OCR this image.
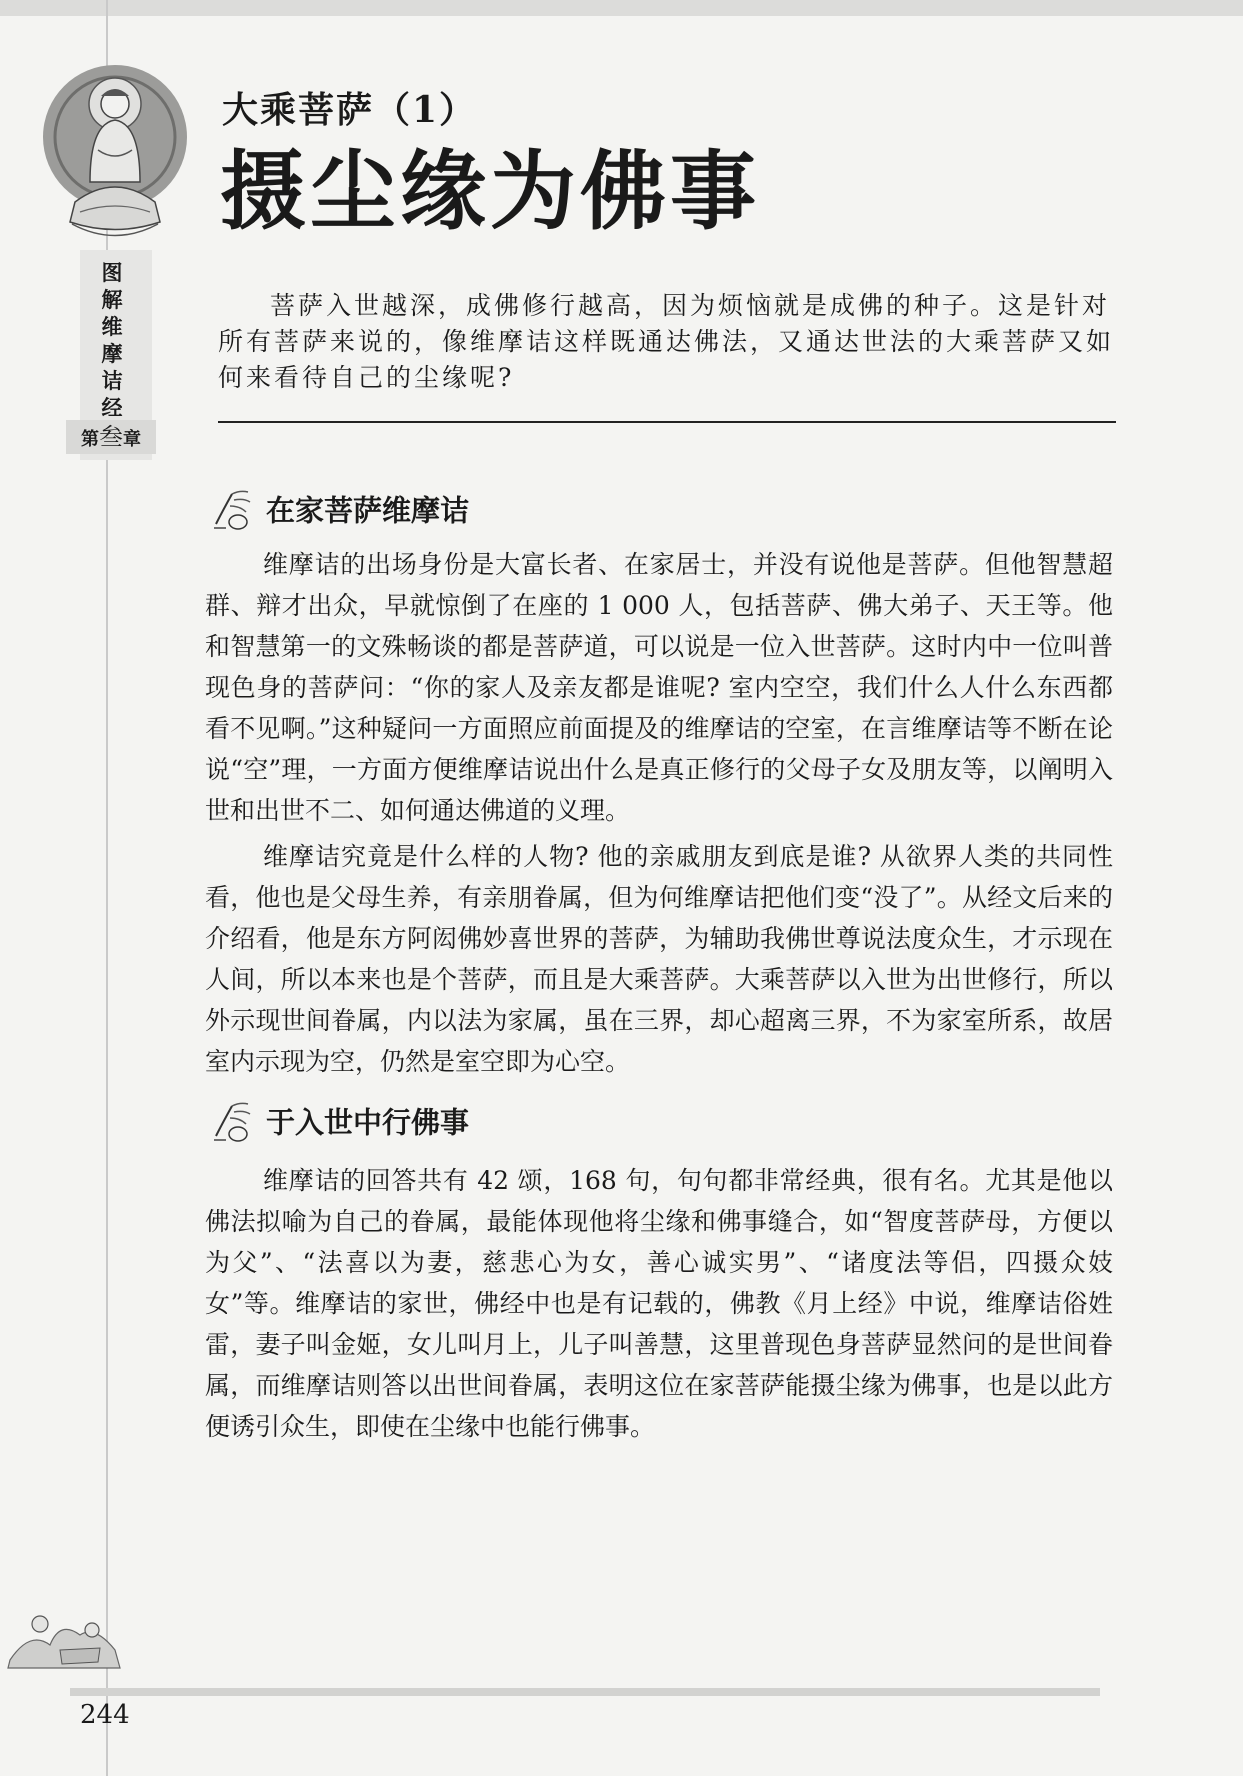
图解维摩诘经
第叁章
大乘菩萨（1）
摄尘缘为佛事
菩萨入世越深，成佛修行越高，因为烦恼就是成佛的种子。这是针对所有菩萨来说的，像维摩诘这样既通达佛法，又通达世法的大乘菩萨又如何来看待自己的尘缘呢?
在家菩萨维摩诘

维摩诘的出场身份是大富长者、在家居士，并没有说他是菩萨。但他智慧超群、辩才出众，早就惊倒了在座的 1 000 人，包括菩萨、佛大弟子、天王等。他和智慧第一的文殊畅谈的都是菩萨道，可以说是一位入世菩萨。这时内中一位叫普现色身的菩萨问：“你的家人及亲友都是谁呢? 室内空空，我们什么人什么东西都看不见啊。”这种疑问一方面照应前面提及的维摩诘的空室，在言维摩诘等不断在论说“空”理，一方面方便维摩诘说出什么是真正修行的父母子女及朋友等，以阐明入世和出世不二、如何通达佛道的义理。

维摩诘究竟是什么样的人物? 他的亲戚朋友到底是谁? 从欲界人类的共同性看，他也是父母生养，有亲朋眷属，但为何维摩诘把他们变“没了”。从经文后来的介绍看，他是东方阿闳佛妙喜世界的菩萨，为辅助我佛世尊说法度众生，才示现在人间，所以本来也是个菩萨，而且是大乘菩萨。大乘菩萨以入世为出世修行，所以外示现世间眷属，内以法为家属，虽在三界，却心超离三界，不为家室所系，故居室内示现为空，仍然是室空即为心空。

于入世中行佛事

维摩诘的回答共有 42 颂，168 句，句句都非常经典，很有名。尤其是他以佛法拟喻为自己的眷属，最能体现他将尘缘和佛事缝合，如“智度菩萨母，方便以为父”、“法喜以为妻，慈悲心为女，善心诚实男”、“诸度法等侣，四摄众妓女”等。维摩诘的家世，佛经中也是有记载的，佛教《月上经》中说，维摩诘俗姓雷，妻子叫金姬，女儿叫月上，儿子叫善慧，这里普现色身菩萨显然问的是世间眷属，而维摩诘则答以出世间眷属，表明这位在家菩萨能摄尘缘为佛事，也是以此方便诱引众生，即使在尘缘中也能行佛事。

244
